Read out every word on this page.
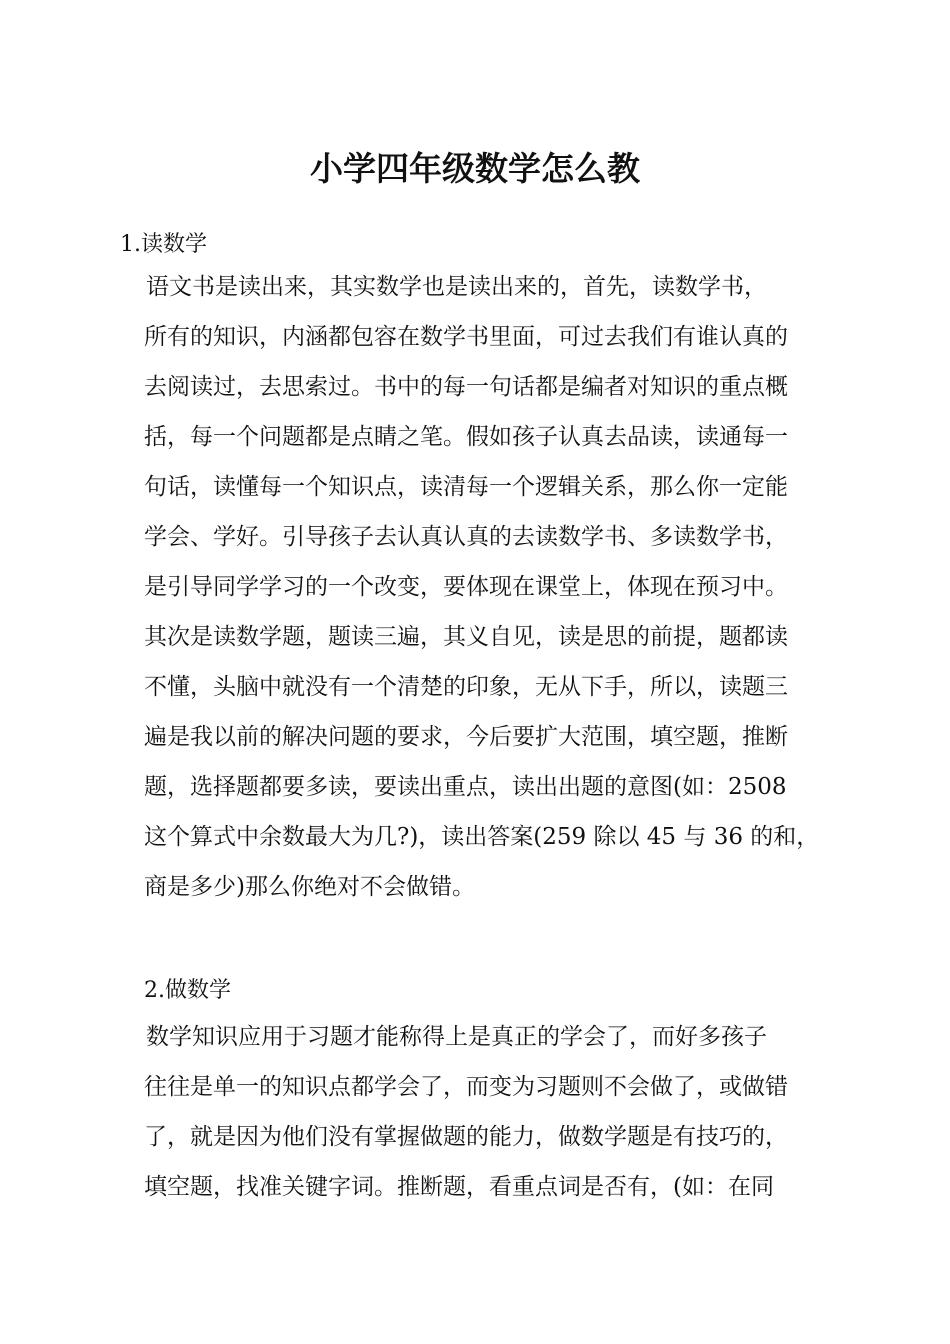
小学四年级数学怎么教
1.读数学
语文书是读出来，其实数学也是读出来的，首先，读数学书，
所有的知识，内涵都包容在数学书里面，可过去我们有谁认真的
去阅读过，去思索过。书中的每一句话都是编者对知识的重点概
括，每一个问题都是点睛之笔。假如孩子认真去品读，读通每一
句话，读懂每一个知识点，读清每一个逻辑关系，那么你一定能
学会、学好。引导孩子去认真认真的去读数学书、多读数学书，
是引导同学学习的一个改变，要体现在课堂上，体现在预习中。
其次是读数学题，题读三遍，其义自见，读是思的前提，题都读
不懂，头脑中就没有一个清楚的印象，无从下手，所以，读题三
遍是我以前的解决问题的要求，今后要扩大范围，填空题，推断
题，选择题都要多读，要读出重点，读出出题的意图(如：2508
这个算式中余数最大为几?)，读出答案(259 除以 45 与 36 的和，
商是多少)那么你绝对不会做错。
2.做数学
数学知识应用于习题才能称得上是真正的学会了，而好多孩子
往往是单一的知识点都学会了，而变为习题则不会做了，或做错
了，就是因为他们没有掌握做题的能力，做数学题是有技巧的，
填空题，找准关键字词。推断题，看重点词是否有，(如：在同
